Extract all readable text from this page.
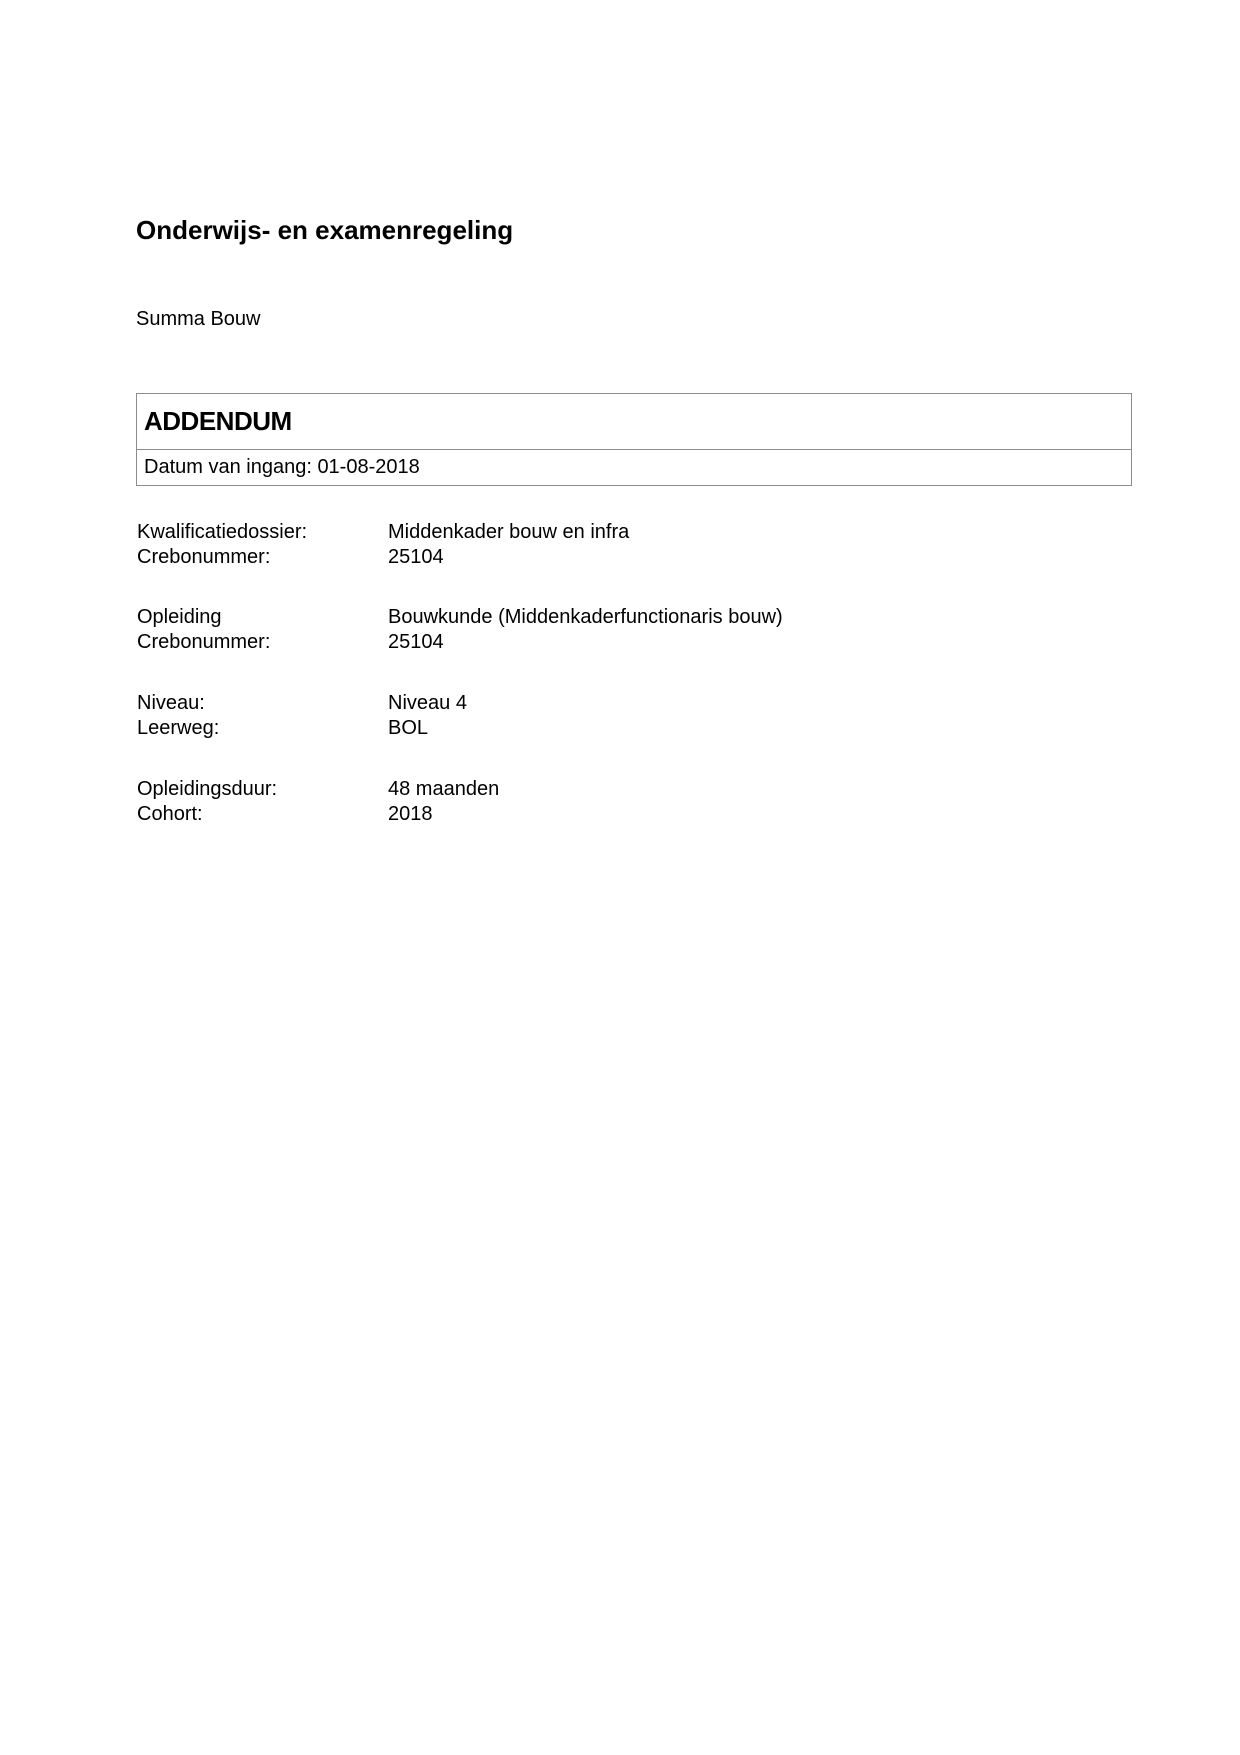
Onderwijs- en examenregeling
Summa Bouw
ADDENDUM
Datum van ingang: 01-08-2018
Kwalificatiedossier:	Middenkader bouw en infra
Crebonummer:	25104
Opleiding	Bouwkunde (Middenkaderfunctionaris bouw)
Crebonummer:	25104
Niveau:	Niveau 4
Leerweg:	BOL
Opleidingsduur:	48 maanden
Cohort:	2018
